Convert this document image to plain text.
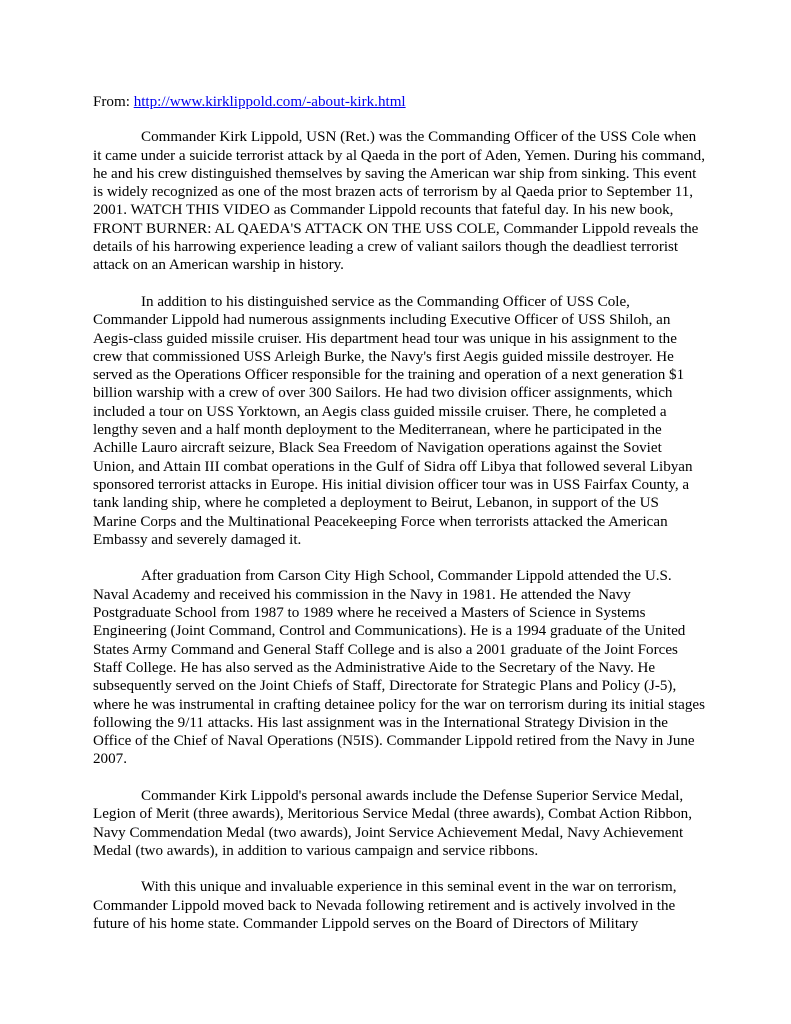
From: http://www.kirklippold.com/-about-kirk.html

Commander Kirk Lippold, USN (Ret.) was the Commanding Officer of the USS Cole when it came under a suicide terrorist attack by al Qaeda in the port of Aden, Yemen. During his command, he and his crew distinguished themselves by saving the American war ship from sinking. This event is widely recognized as one of the most brazen acts of terrorism by al Qaeda prior to September 11, 2001. WATCH THIS VIDEO as Commander Lippold recounts that fateful day. In his new book, FRONT BURNER: AL QAEDA'S ATTACK ON THE USS COLE, Commander Lippold reveals the details of his harrowing experience leading a crew of valiant sailors though the deadliest terrorist attack on an American warship in history.

In addition to his distinguished service as the Commanding Officer of USS Cole, Commander Lippold had numerous assignments including Executive Officer of USS Shiloh, an Aegis-class guided missile cruiser. His department head tour was unique in his assignment to the crew that commissioned USS Arleigh Burke, the Navy's first Aegis guided missile destroyer. He served as the Operations Officer responsible for the training and operation of a next generation $1 billion warship with a crew of over 300 Sailors. He had two division officer assignments, which included a tour on USS Yorktown, an Aegis class guided missile cruiser. There, he completed a lengthy seven and a half month deployment to the Mediterranean, where he participated in the Achille Lauro aircraft seizure, Black Sea Freedom of Navigation operations against the Soviet Union, and Attain III combat operations in the Gulf of Sidra off Libya that followed several Libyan sponsored terrorist attacks in Europe. His initial division officer tour was in USS Fairfax County, a tank landing ship, where he completed a deployment to Beirut, Lebanon, in support of the US Marine Corps and the Multinational Peacekeeping Force when terrorists attacked the American Embassy and severely damaged it.

After graduation from Carson City High School, Commander Lippold attended the U.S. Naval Academy and received his commission in the Navy in 1981. He attended the Navy Postgraduate School from 1987 to 1989 where he received a Masters of Science in Systems Engineering (Joint Command, Control and Communications). He is a 1994 graduate of the United States Army Command and General Staff College and is also a 2001 graduate of the Joint Forces Staff College. He has also served as the Administrative Aide to the Secretary of the Navy. He subsequently served on the Joint Chiefs of Staff, Directorate for Strategic Plans and Policy (J-5), where he was instrumental in crafting detainee policy for the war on terrorism during its initial stages following the 9/11 attacks. His last assignment was in the International Strategy Division in the Office of the Chief of Naval Operations (N5IS). Commander Lippold retired from the Navy in June 2007.

Commander Kirk Lippold's personal awards include the Defense Superior Service Medal, Legion of Merit (three awards), Meritorious Service Medal (three awards), Combat Action Ribbon, Navy Commendation Medal (two awards), Joint Service Achievement Medal, Navy Achievement Medal (two awards), in addition to various campaign and service ribbons.

With this unique and invaluable experience in this seminal event in the war on terrorism, Commander Lippold moved back to Nevada following retirement and is actively involved in the future of his home state. Commander Lippold serves on the Board of Directors of Military
